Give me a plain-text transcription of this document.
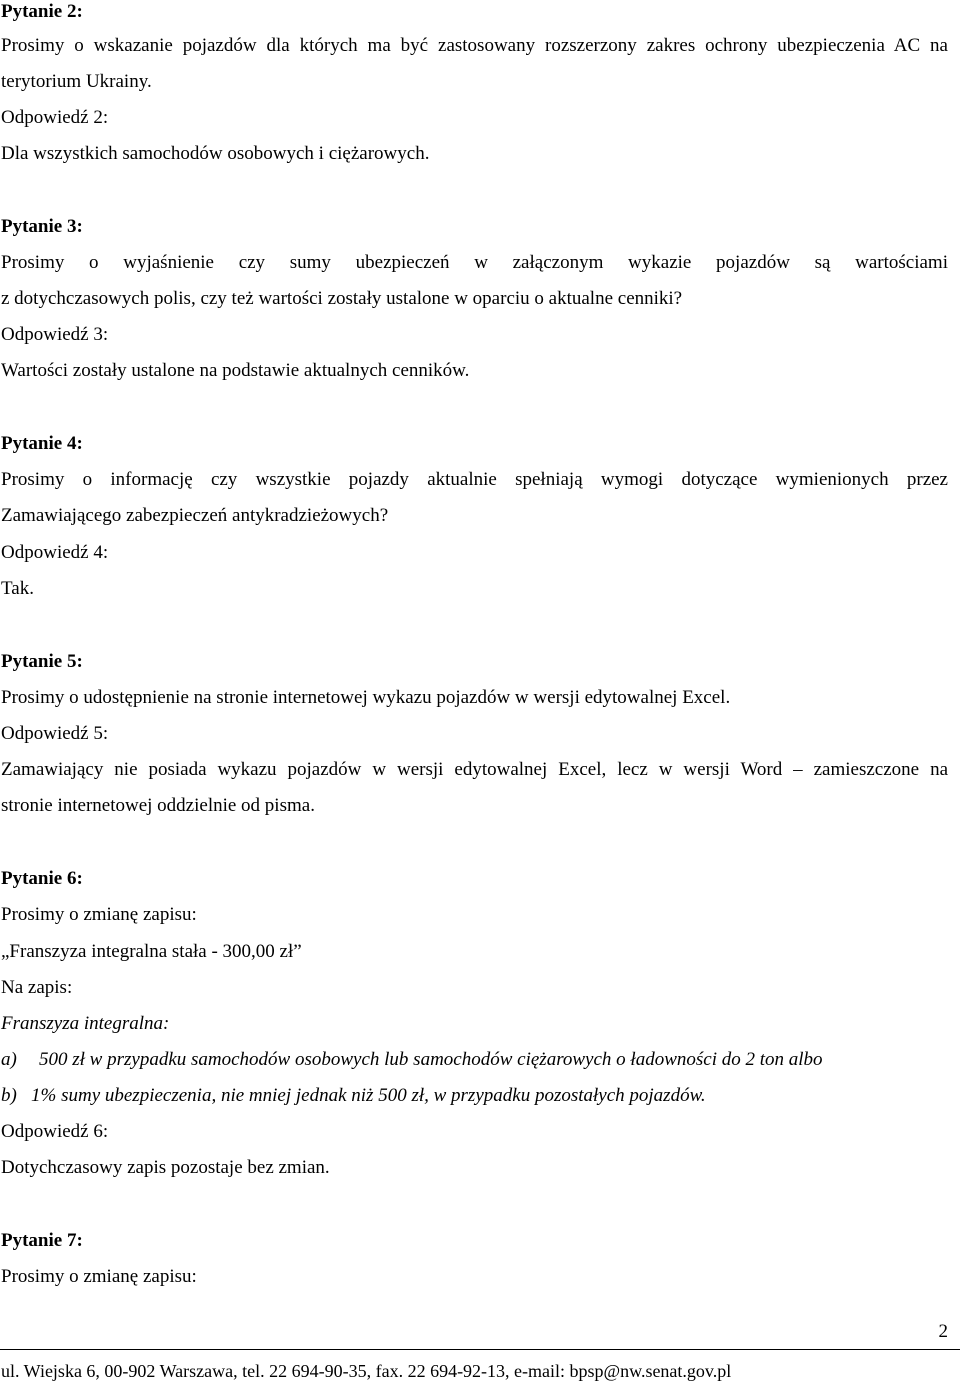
Pytanie 2:
Prosimy o wskazanie pojazdów dla których ma być zastosowany rozszerzony zakres ochrony ubezpieczenia AC na
terytorium Ukrainy.
Odpowiedź 2:
Dla wszystkich samochodów osobowych i ciężarowych.
Pytanie 3:
Prosimy o wyjaśnienie czy sumy ubezpieczeń w załączonym wykazie pojazdów są wartościami
z dotychczasowych polis, czy też wartości zostały ustalone w oparciu o aktualne cenniki?
Odpowiedź 3:
Wartości zostały ustalone na podstawie aktualnych cenników.
Pytanie 4:
Prosimy o informację czy wszystkie pojazdy aktualnie spełniają wymogi dotyczące wymienionych przez
Zamawiającego zabezpieczeń antykradzieżowych?
Odpowiedź 4:
Tak.
Pytanie 5:
Prosimy o udostępnienie na stronie internetowej wykazu pojazdów w wersji edytowalnej Excel.
Odpowiedź 5:
Zamawiający nie posiada wykazu pojazdów w wersji edytowalnej Excel, lecz w wersji Word – zamieszczone na
stronie internetowej oddzielnie od pisma.
Pytanie 6:
Prosimy o zmianę zapisu:
„Franszyza integralna stała - 300,00 zł”
Na zapis:
Franszyza integralna:
a) 500 zł w przypadku samochodów osobowych lub samochodów ciężarowych o ładowności do 2 ton albo
b) 1% sumy ubezpieczenia, nie mniej jednak niż 500 zł, w przypadku pozostałych pojazdów.
Odpowiedź 6:
Dotychczasowy zapis pozostaje bez zmian.
Pytanie 7:
Prosimy o zmianę zapisu:
2
ul. Wiejska 6, 00-902 Warszawa, tel. 22 694-90-35, fax. 22 694-92-13, e-mail: bpsp@nw.senat.gov.pl
